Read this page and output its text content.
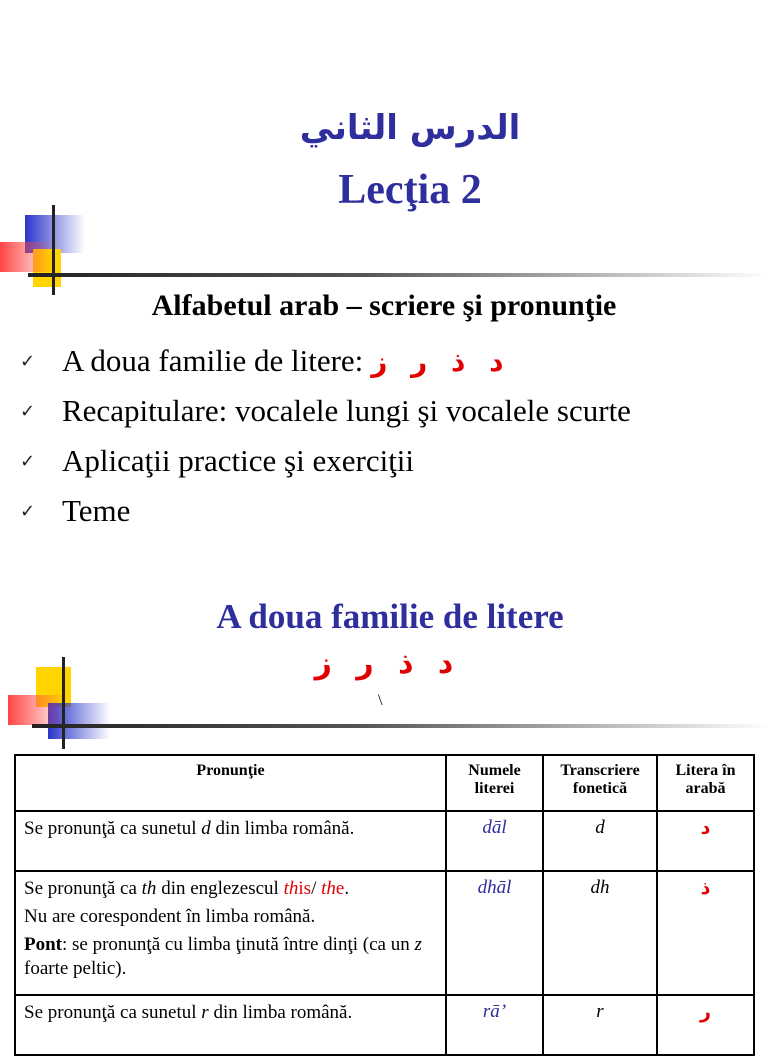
الدرس الثاني
Lecţia 2
Alfabetul arab – scriere şi pronunţie
✓ A doua familie de litere: د ذ ر ز
✓ Recapitulare: vocalele lungi şi vocalele scurte
✓ Aplicaţii practice şi exerciţii
✓ Teme
A doua familie de litere
د ذ ر ز
\
Pronunţie	Numele literei	Transcriere fonetică	Litera în arabă

Se pronunţă ca sunetul d din limba română.	dāl	d	د

Se pronunţă ca th din englezescul this/ the.

Nu are corespondent în limba română.

Pont: se pronunţă cu limba ţinută între dinţi (ca un z foarte peltic).	dhāl	dh	ذ

Se pronunţă ca sunetul r din limba română.	rā’	r	ر
